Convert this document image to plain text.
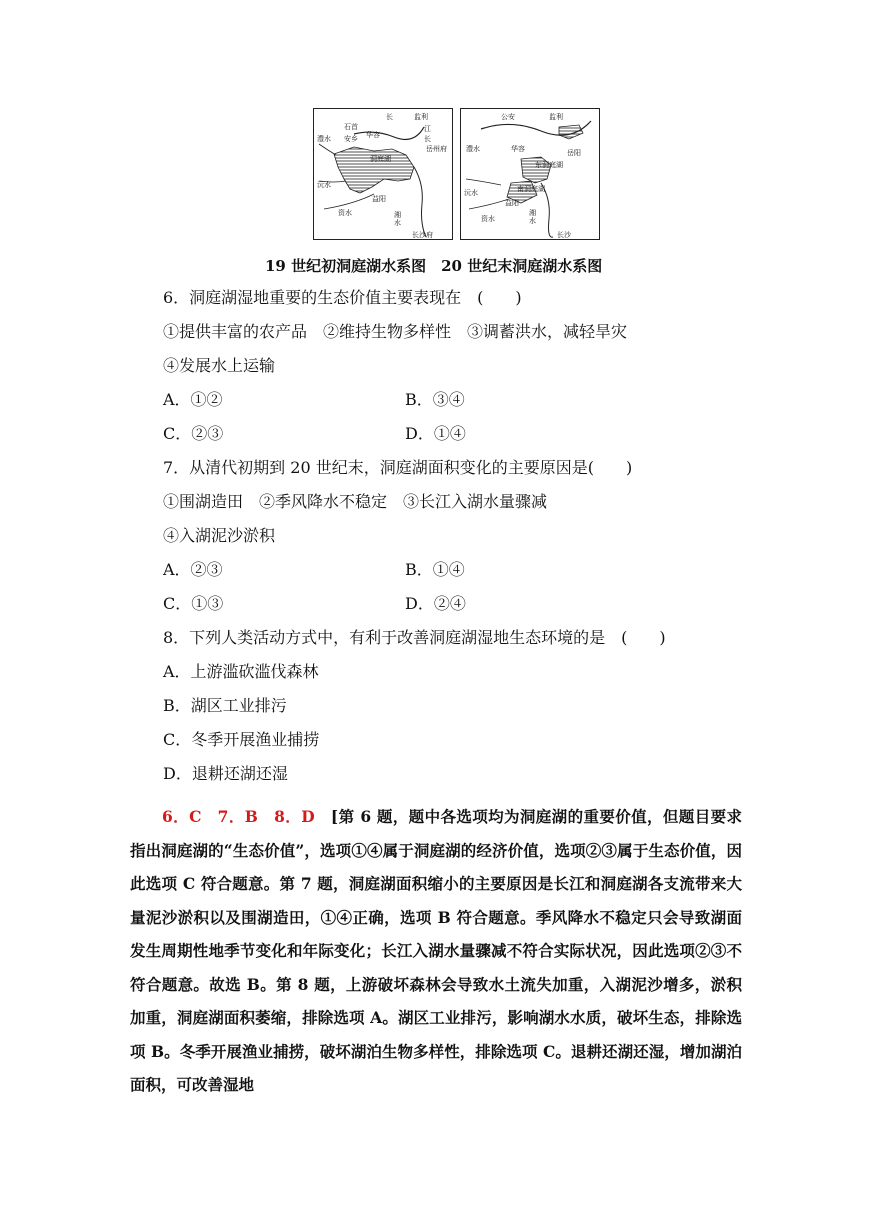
长	监利
石首	江
华容
澧水 安乡	长
岳州府
洞庭湖
沅水
益阳
资水	湘
水
长沙府
公安	监利
澧水	华容	岳阳
东洞庭湖
沅水	南洞庭湖
益阳
资水
湘
水
长沙
19 世纪初洞庭湖水系图　20 世纪末洞庭湖水系图
6．洞庭湖湿地重要的生态价值主要表现在　(　　)
①提供丰富的农产品　②维持生物多样性　③调蓄洪水，减轻旱灾
④发展水上运输
A．①②	B．③④
C．②③	D．①④
7．从清代初期到 20 世纪末，洞庭湖面积变化的主要原因是(　　)
①围湖造田　②季风降水不稳定　③长江入湖水量骤减
④入湖泥沙淤积
A．②③	B．①④
C．①③	D．②④
8．下列人类活动方式中，有利于改善洞庭湖湿地生态环境的是　(　　)
A．上游滥砍滥伐森林
B．湖区工业排污
C．冬季开展渔业捕捞
D．退耕还湖还湿
6．C　7．B　8．D　 [第 6 题，题中各选项均为洞庭湖的重要价值，但题目要求指出洞庭湖的“生态价值”，选项①④属于洞庭湖的经济价值，选项②③属于生态价值，因此选项 C 符合题意。第 7 题，洞庭湖面积缩小的主要原因是长江和洞庭湖各支流带来大量泥沙淤积以及围湖造田，①④正确，选项 B 符合题意。季风降水不稳定只会导致湖面发生周期性地季节变化和年际变化；长江入湖水量骤减不符合实际状况，因此选项②③不符合题意。故选 B。第 8 题，上游破坏森林会导致水土流失加重，入湖泥沙增多，淤积加重，洞庭湖面积萎缩，排除选项 A。湖区工业排污，影响湖水水质，破坏生态，排除选项 B。冬季开展渔业捕捞，破坏湖泊生物多样性，排除选项 C。退耕还湖还湿，增加湖泊面积，可改善湿地
